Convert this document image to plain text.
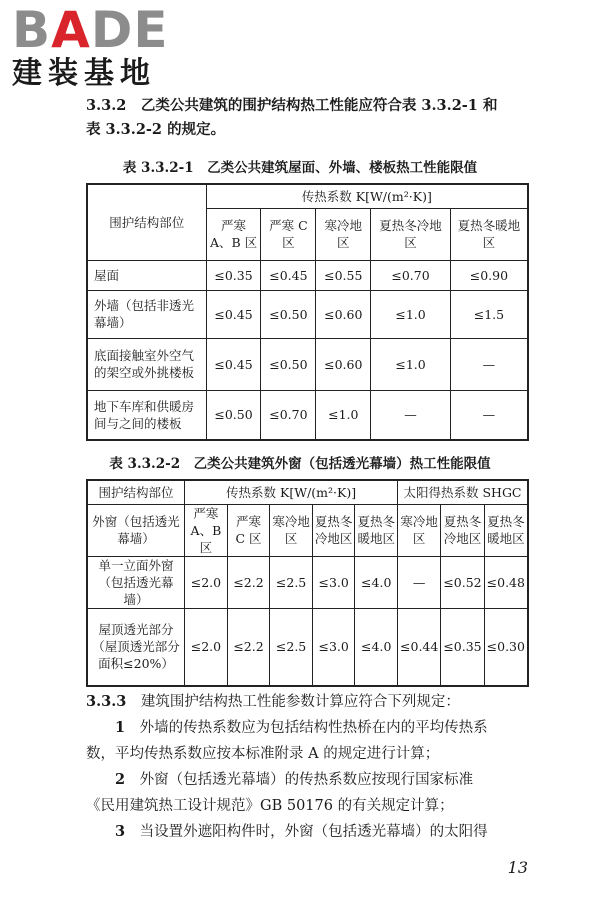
BADE
建装基地
3.3.2　 乙类公共建筑的围护结构热工性能应符合表 3.3.2-1 和
表 3.3.2-2 的规定。
表 3.3.2-1　乙类公共建筑屋面、外墙、楼板热工性能限值
围护结构部位	传热系数 K[W/(m²·K)]				
	严寒 A、B 区	严寒 C 区	寒冷地区	夏热冬冷地区	夏热冬暖地区
屋面	≤0.35	≤0.45	≤0.55	≤0.70	≤0.90
外墙（包括非透光幕墙）	≤0.45	≤0.50	≤0.60	≤1.0	≤1.5
底面接触室外空气的架空或外挑楼板	≤0.45	≤0.50	≤0.60	≤1.0	—
地下车库和供暖房间与之间的楼板	≤0.50	≤0.70	≤1.0	—	—
表 3.3.2-2　乙类公共建筑外窗（包括透光幕墙）热工性能限值
围护结构部位	传热系数 K[W/(m²·K)]					太阳得热系数 SHGC		
外窗（包括透光幕墙）	严寒 A、B 区	严寒 C 区	寒冷地区	夏热冬冷地区	夏热冬暖地区	寒冷地区	夏热冬冷地区	夏热冬暖地区
单一立面外窗（包括透光幕墙）	≤2.0	≤2.2	≤2.5	≤3.0	≤4.0	—	≤0.52	≤0.48
屋顶透光部分（屋顶透光部分面积≤20%）	≤2.0	≤2.2	≤2.5	≤3.0	≤4.0	≤0.44	≤0.35	≤0.30
3.3.3　 建筑围护结构热工性能参数计算应符合下列规定：
1　 外墙的传热系数应为包括结构性热桥在内的平均传热系
数，平均传热系数应按本标准附录 A 的规定进行计算；
2　 外窗（包括透光幕墙）的传热系数应按现行国家标准
《民用建筑热工设计规范》GB 50176 的有关规定计算；
3　 当设置外遮阳构件时，外窗（包括透光幕墙）的太阳得
13
